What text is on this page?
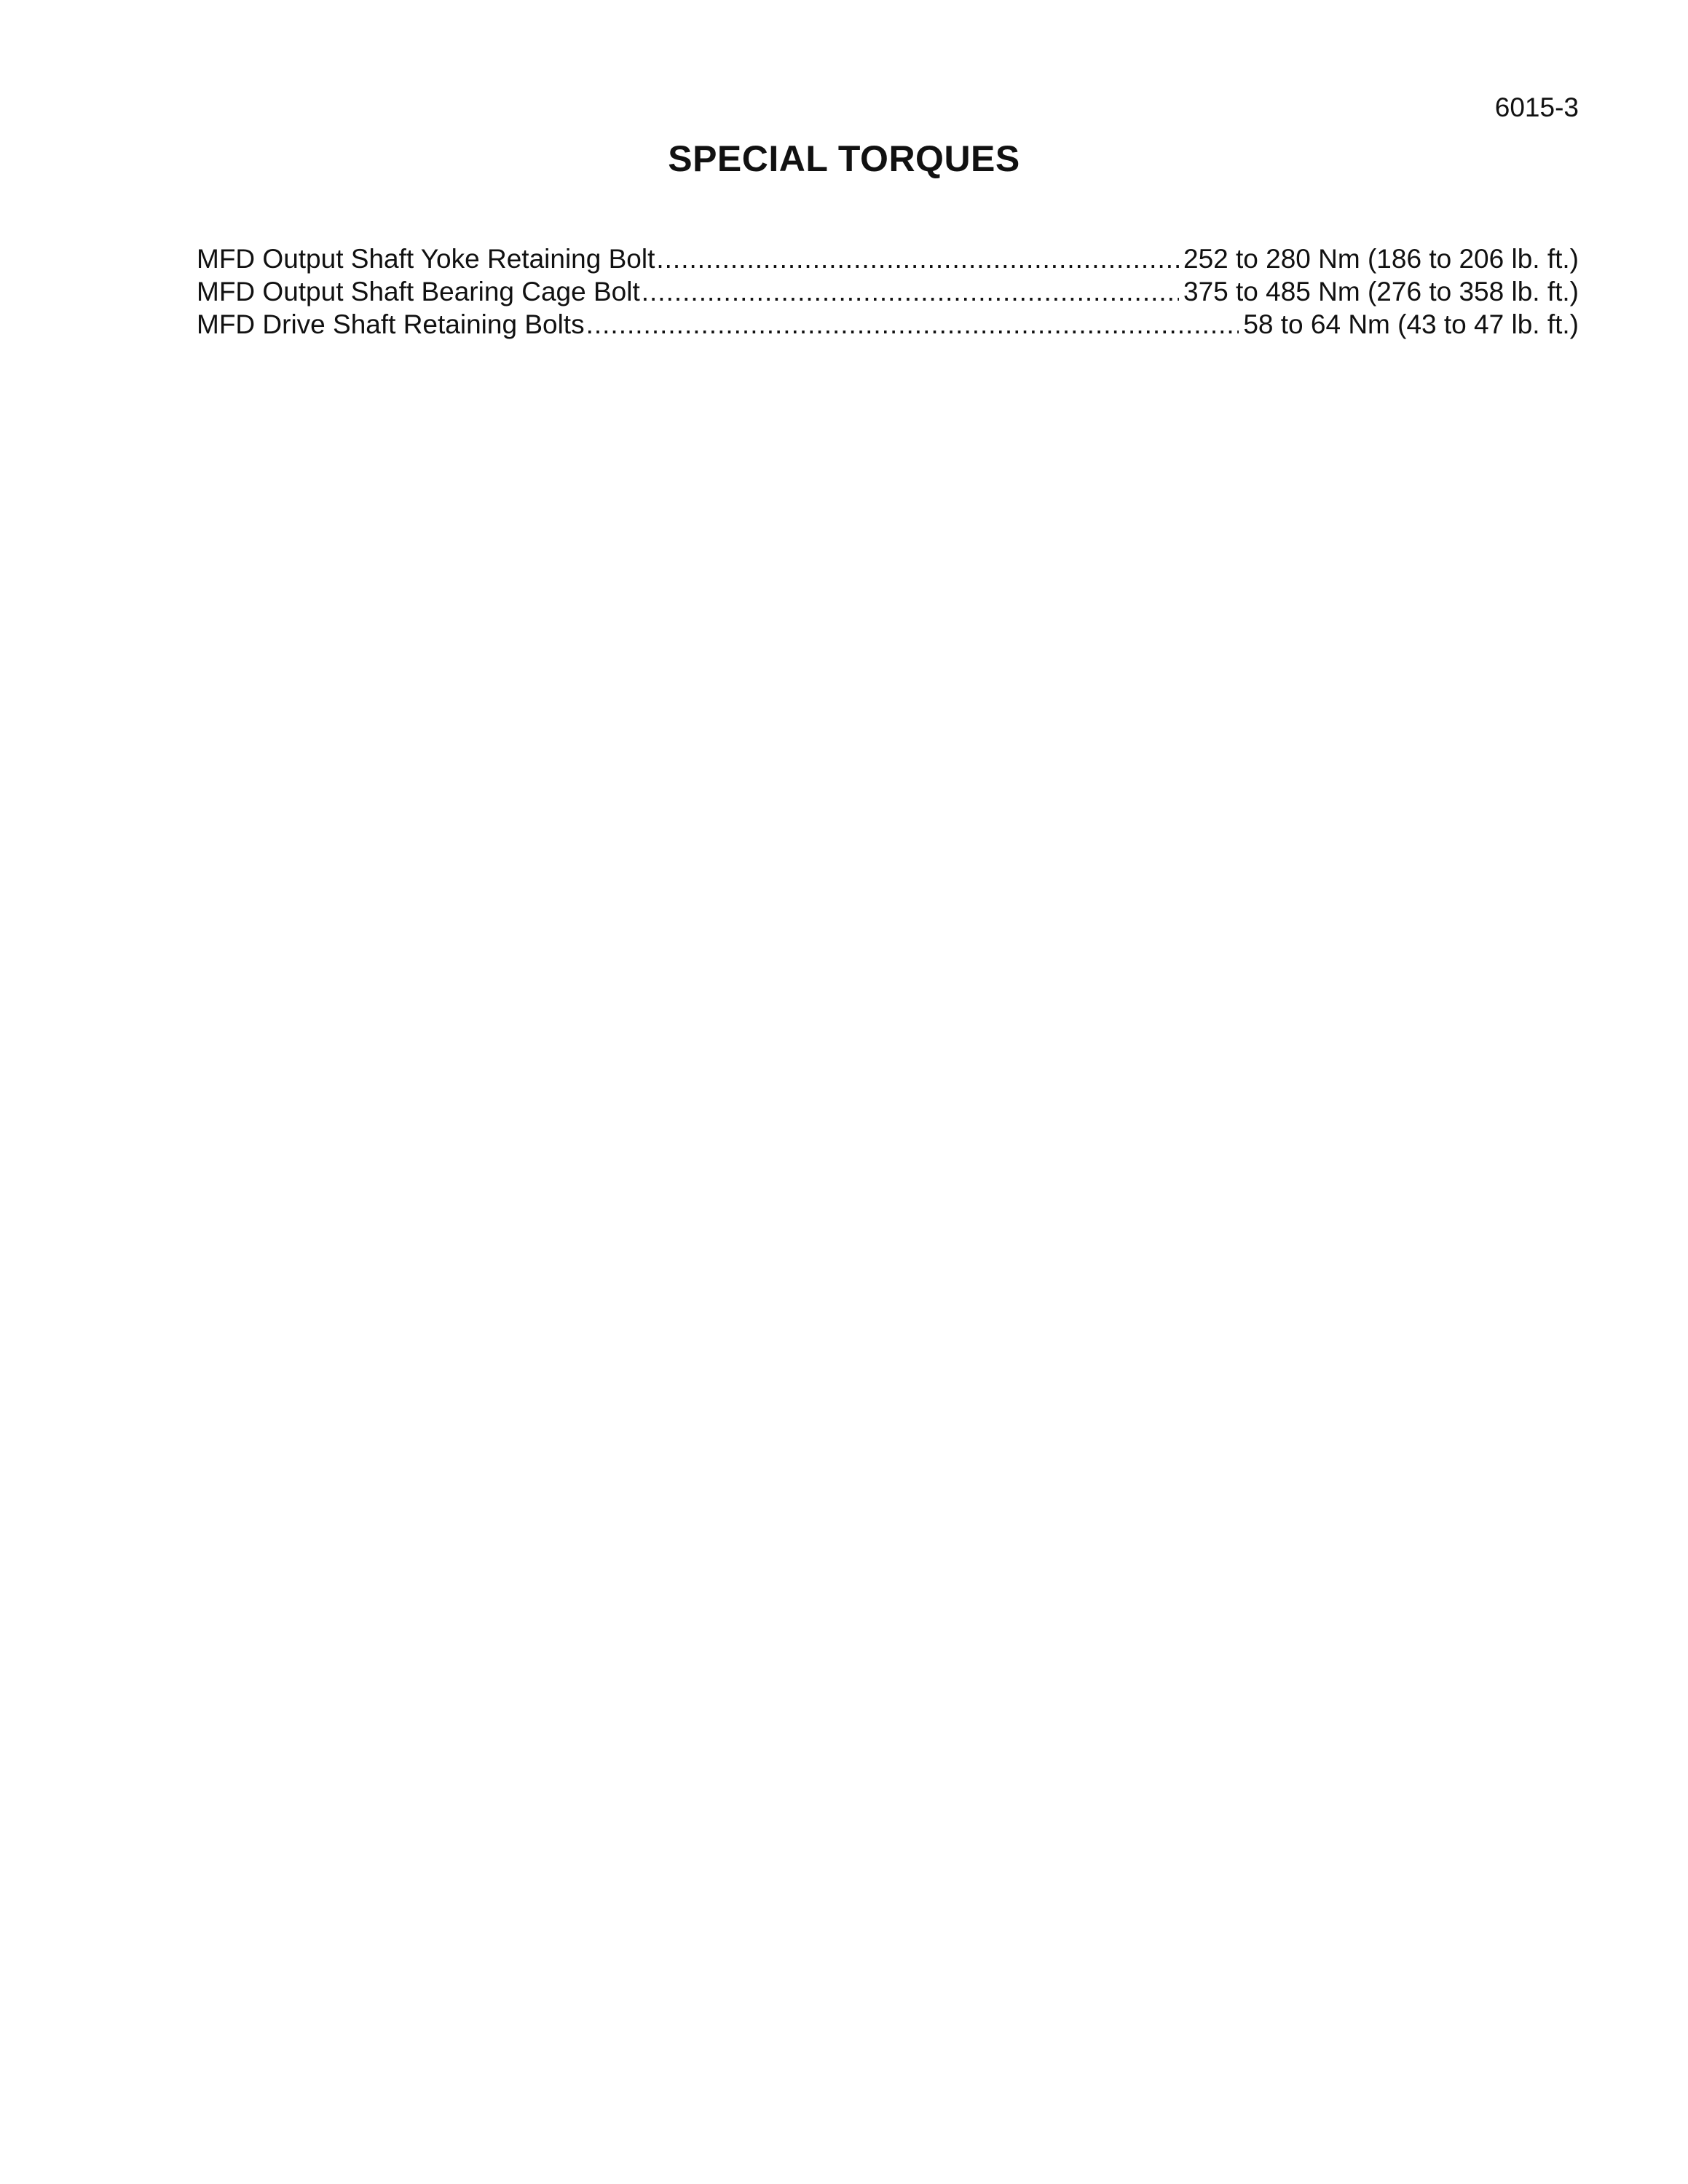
6015-3
SPECIAL TORQUES
MFD Output Shaft Yoke Retaining Bolt .....	252 to 280 Nm (186 to 206 lb. ft.)
MFD Output Shaft Bearing Cage Bolt .....	375 to 485 Nm (276 to 358 lb. ft.)
MFD Drive Shaft Retaining Bolts .....	58 to 64 Nm (43 to 47 lb. ft.)
